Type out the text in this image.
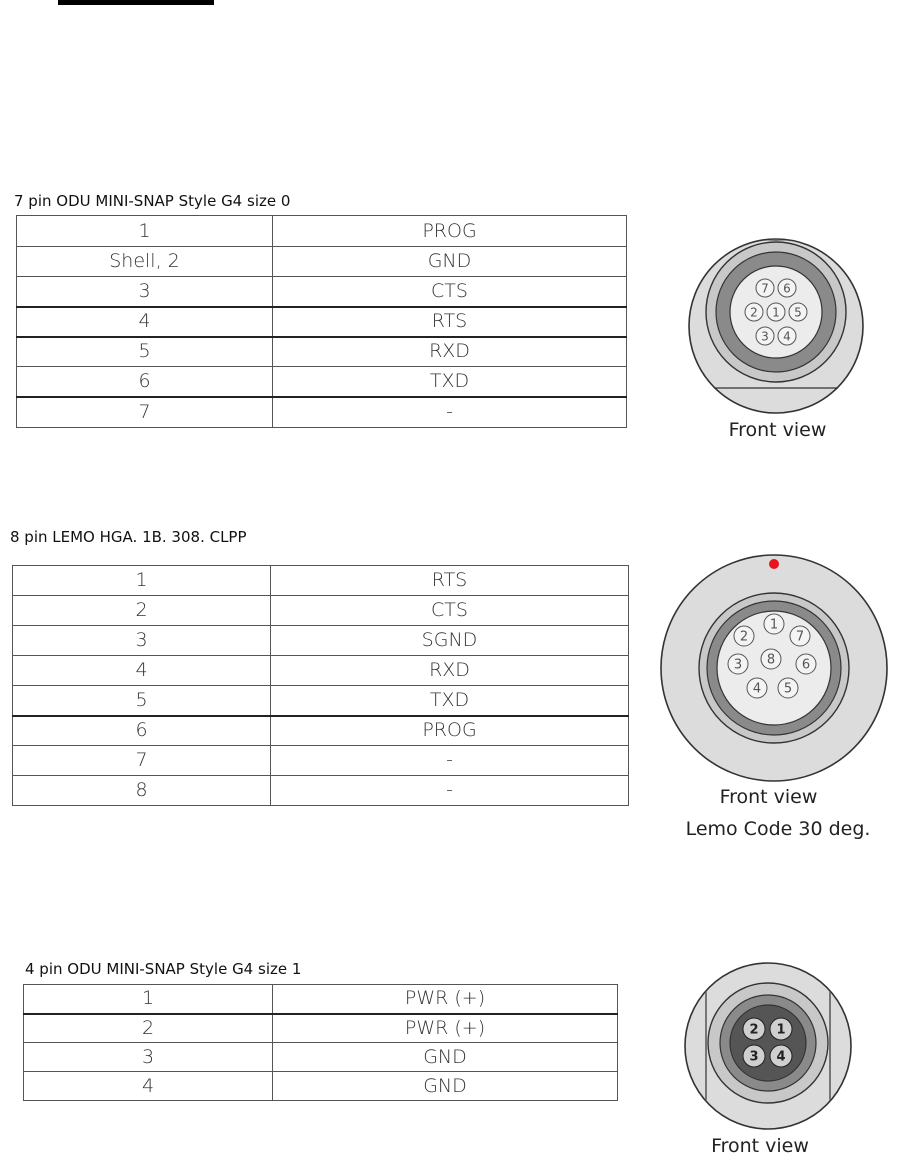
7 pin ODU MINI-SNAP Style G4 size 0
1	PROG
Shell, 2	GND
3	CTS
4	RTS
5	RXD
6	TXD
7	-
7 6
2 1 5
3 4
Front view
8 pin LEMO HGA. 1B. 308. CLPP
1	RTS
2	CTS
3	SGND
4	RXD
5	TXD
6	PROG
7	-
8	-
1
2	7
3 8 6
4 5
Front view
Lemo Code 30 deg.
4 pin ODU MINI-SNAP Style G4 size 1
1	PWR (+)
2	PWR (+)
3	GND
4	GND
2 1
3 4
Front view
